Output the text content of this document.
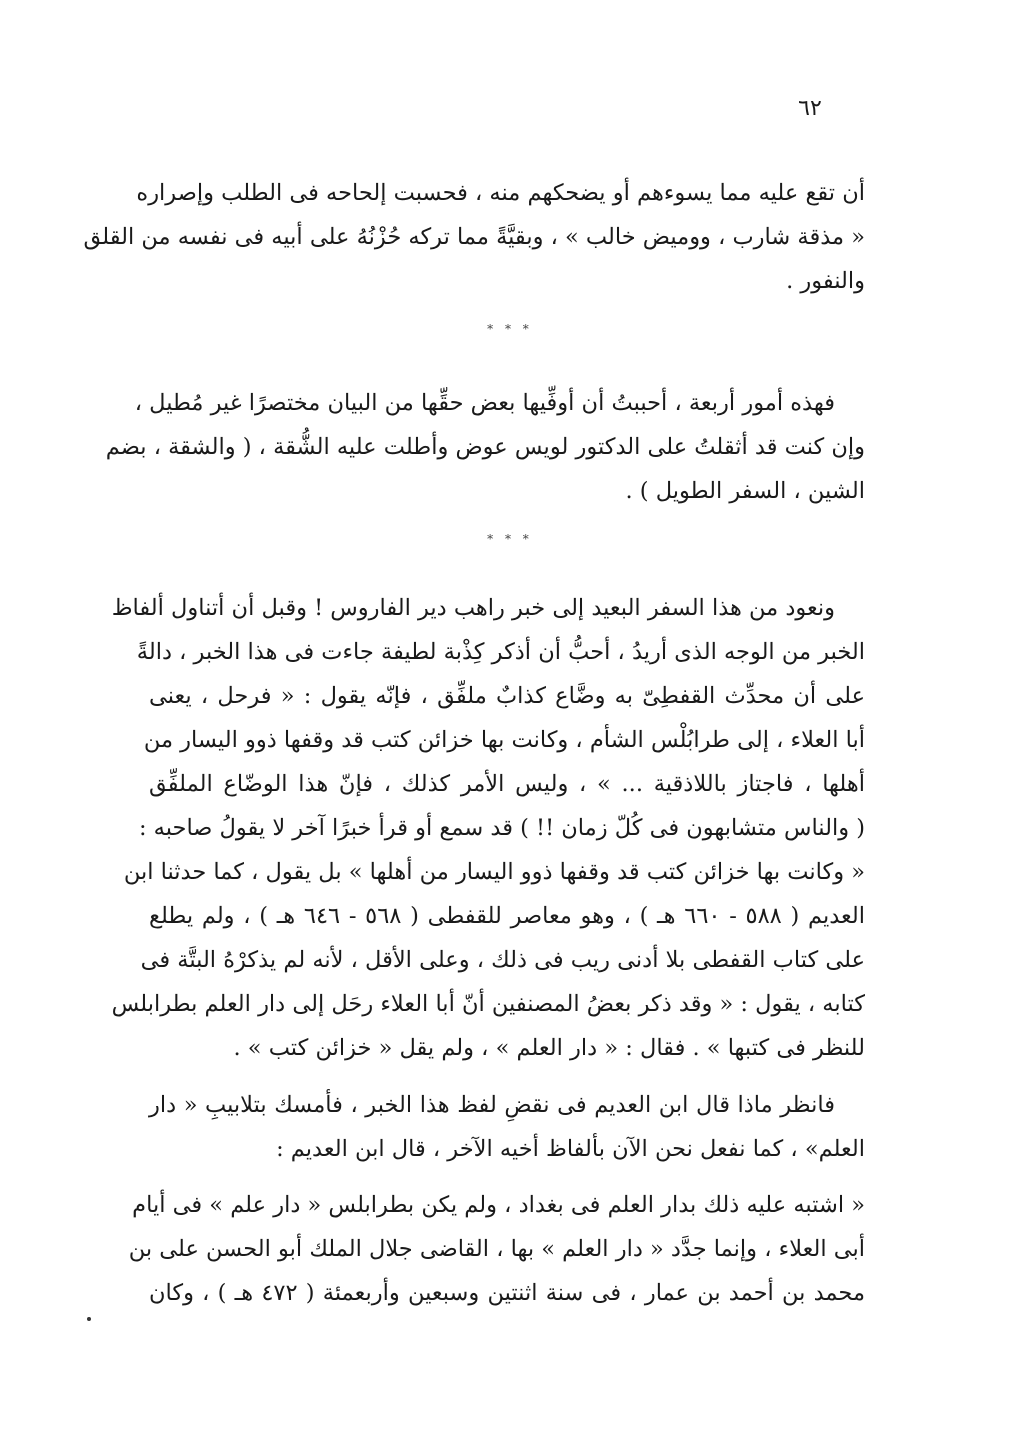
٦٢
أن تقع عليه مما يسوءهم أو يضحكهم منه ، فحسبت إلحاحه فى الطلب وإصراره
« مذقة شارب ، ووميض خالب » ، وبقيَّةً مما تركه حُزْنُهُ على أبيه فى نفسه من القلق
والنفور .
* * *
فهذه أمور أربعة ، أحببتُ أن أوفِّيها بعض حقِّها من البيان مختصرًا غير مُطيل ،
وإن كنت قد أثقلتُ على الدكتور لويس عوض وأطلت عليه الشُّقة ، ( والشقة ، بضم
الشين ، السفر الطويل ) .
* * *
ونعود من هذا السفر البعيد إلى خبر راهب دير الفاروس ! وقبل أن أتناول ألفاظ
الخبر من الوجه الذى أريدُ ، أحبُّ أن أذكر كِذْبة لطيفة جاءت فى هذا الخبر ، دالةً
على أن محدِّث القفطِىّ به وضَّاع كذابٌ ملفِّق ، فإنّه يقول : « فرحل ، يعنى
أبا العلاء ، إلى طرابُلْس الشأم ، وكانت بها خزائن كتب قد وقفها ذوو اليسار من
أهلها ، فاجتاز باللاذقية ... » ، وليس الأمر كذلك ، فإنّ هذا الوضّاع الملفِّق
( والناس متشابهون فى كُلّ زمان !! ) قد سمع أو قرأ خبرًا آخر لا يقولُ صاحبه :
« وكانت بها خزائن كتب قد وقفها ذوو اليسار من أهلها » بل يقول ، كما حدثنا ابن
العديم ( ٥٨٨ - ٦٦٠ هـ ) ، وهو معاصر للقفطى ( ٥٦٨ - ٦٤٦ هـ ) ، ولم يطلع
على كتاب القفطى بلا أدنى ريب فى ذلك ، وعلى الأقل ، لأنه لم يذكرْهُ البتَّة فى
كتابه ، يقول : « وقد ذكر بعضُ المصنفين أنّ أبا العلاء رحَل إلى دار العلم بطرابلس
للنظر فى كتبها » . فقال : « دار العلم » ، ولم يقل « خزائن كتب » .
فانظر ماذا قال ابن العديم فى نقضِ لفظ هذا الخبر ، فأمسك بتلابيبِ « دار
العلم» ، كما نفعل نحن الآن بألفاظ أخيه الآخر ، قال ابن العديم :
« اشتبه عليه ذلك بدار العلم فى بغداد ، ولم يكن بطرابلس « دار علم » فى أيام
أبى العلاء ، وإنما جدَّد « دار العلم » بها ، القاضى جلال الملك أبو الحسن على بن
محمد بن أحمد بن عمار ، فى سنة اثنتين وسبعين وأربعمئة ( ٤٧٢ هـ ) ، وكان
